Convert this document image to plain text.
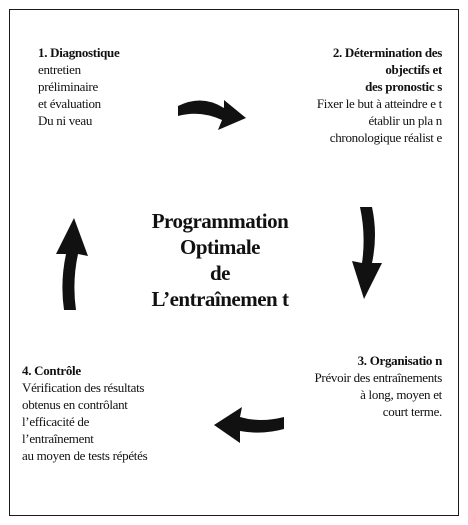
1. Diagnostique
entretien
préliminaire
et évaluation
Du ni veau
2. Détermination des
objectifs et
des pronostic s
Fixer le but à atteindre e t
établir un pla n
chronologique réalist e
3. Organisatio n
Prévoir des entraînements
à long, moyen et
court terme.
4. Contrôle
Vérification des résultats
obtenus en contrôlant
l’efficacité de
l’entraînement
au moyen de tests répétés
Programmation
Optimale
de
L’entraînemen t
